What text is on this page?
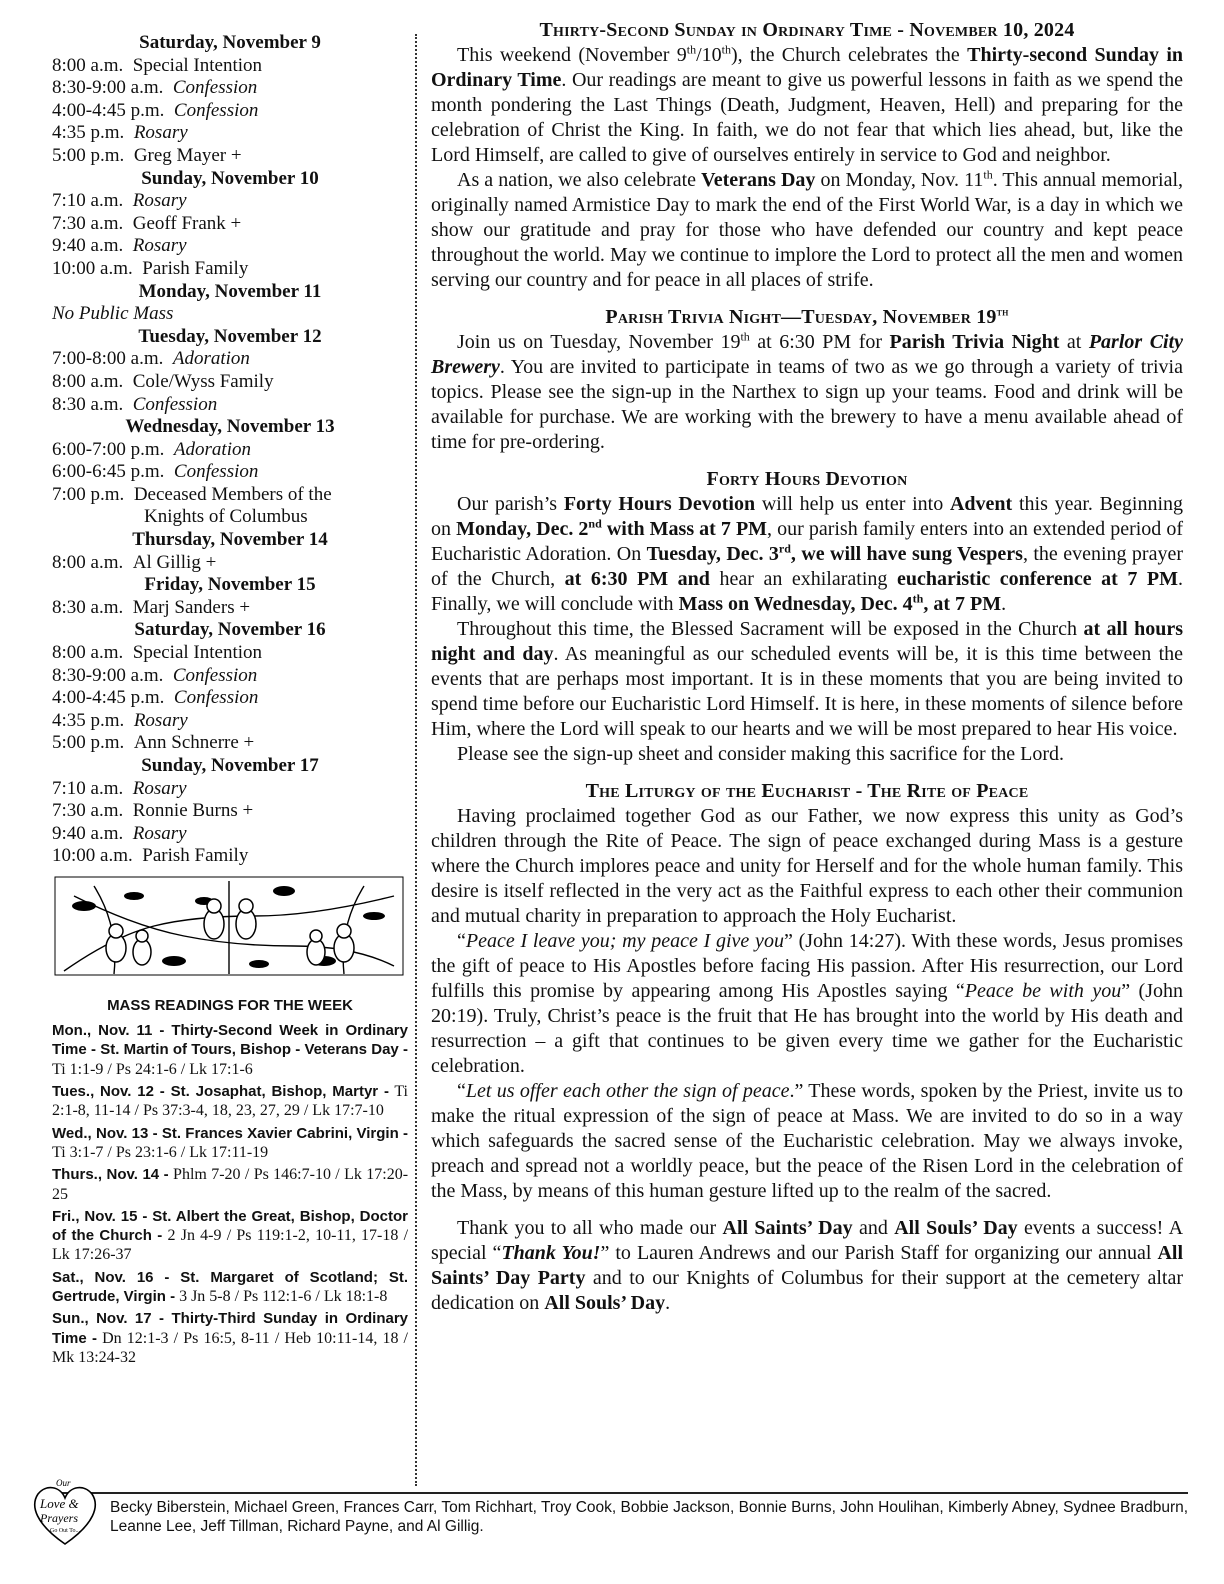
Saturday, November 9
8:00 a.m. Special Intention
8:30-9:00 a.m. Confession
4:00-4:45 p.m. Confession
4:35 p.m. Rosary
5:00 p.m. Greg Mayer +
Sunday, November 10
7:10 a.m. Rosary
7:30 a.m. Geoff Frank +
9:40 a.m. Rosary
10:00 a.m. Parish Family
Monday, November 11
No Public Mass
Tuesday, November 12
7:00-8:00 a.m. Adoration
8:00 a.m. Cole/Wyss Family
8:30 a.m. Confession
Wednesday, November 13
6:00-7:00 p.m. Adoration
6:00-6:45 p.m. Confession
7:00 p.m. Deceased Members of the
Knights of Columbus
Thursday, November 14
8:00 a.m. Al Gillig +
Friday, November 15
8:30 a.m. Marj Sanders +
Saturday, November 16
8:00 a.m. Special Intention
8:30-9:00 a.m. Confession
4:00-4:45 p.m. Confession
4:35 p.m. Rosary
5:00 p.m. Ann Schnerre +
Sunday, November 17
7:10 a.m. Rosary
7:30 a.m. Ronnie Burns +
9:40 a.m. Rosary
10:00 a.m. Parish Family
MASS READINGS FOR THE WEEK
Mon., Nov. 11 - Thirty-Second Week in Ordinary Time - St. Martin of Tours, Bishop - Veterans Day - Ti 1:1-9 / Ps 24:1-6 / Lk 17:1-6
Tues., Nov. 12 - St. Josaphat, Bishop, Martyr - Ti 2:1-8, 11-14 / Ps 37:3-4, 18, 23, 27, 29 / Lk 17:7-10
Wed., Nov. 13 - St. Frances Xavier Cabrini, Virgin - Ti 3:1-7 / Ps 23:1-6 / Lk 17:11-19
Thurs., Nov. 14 - Phlm 7-20 / Ps 146:7-10 / Lk 17:20-25
Fri., Nov. 15 - St. Albert the Great, Bishop, Doctor of the Church - 2 Jn 4-9 / Ps 119:1-2, 10-11, 17-18 / Lk 17:26-37
Sat., Nov. 16 - St. Margaret of Scotland; St. Gertrude, Virgin - 3 Jn 5-8 / Ps 112:1-6 / Lk 18:1-8
Sun., Nov. 17 - Thirty-Third Sunday in Ordinary Time - Dn 12:1-3 / Ps 16:5, 8-11 / Heb 10:11-14, 18 / Mk 13:24-32
Thirty-Second Sunday in Ordinary Time - November 10, 2024

This weekend (November 9th/10th), the Church celebrates the Thirty-second Sunday in Ordinary Time. Our readings are meant to give us powerful lessons in faith as we spend the month pondering the Last Things (Death, Judgment, Heaven, Hell) and preparing for the celebration of Christ the King. In faith, we do not fear that which lies ahead, but, like the Lord Himself, are called to give of ourselves entirely in service to God and neighbor.

As a nation, we also celebrate Veterans Day on Monday, Nov. 11th. This annual memorial, originally named Armistice Day to mark the end of the First World War, is a day in which we show our gratitude and pray for those who have defended our country and kept peace throughout the world. May we continue to implore the Lord to protect all the men and women serving our country and for peace in all places of strife.

Parish Trivia Night—Tuesday, November 19th

Join us on Tuesday, November 19th at 6:30 PM for Parish Trivia Night at Parlor City Brewery. You are invited to participate in teams of two as we go through a variety of trivia topics. Please see the sign-up in the Narthex to sign up your teams. Food and drink will be available for purchase. We are working with the brewery to have a menu available ahead of time for pre-ordering.

Forty Hours Devotion

Our parish’s Forty Hours Devotion will help us enter into Advent this year. Beginning on Monday, Dec. 2nd with Mass at 7 PM, our parish family enters into an extended period of Eucharistic Adoration. On Tuesday, Dec. 3rd, we will have sung Vespers, the evening prayer of the Church, at 6:30 PM and hear an exhilarating eucharistic conference at 7 PM. Finally, we will conclude with Mass on Wednesday, Dec. 4th, at 7 PM.

Throughout this time, the Blessed Sacrament will be exposed in the Church at all hours night and day. As meaningful as our scheduled events will be, it is this time between the events that are perhaps most important. It is in these moments that you are being invited to spend time before our Eucharistic Lord Himself. It is here, in these moments of silence before Him, where the Lord will speak to our hearts and we will be most prepared to hear His voice.

Please see the sign-up sheet and consider making this sacrifice for the Lord.

The Liturgy of the Eucharist - The Rite of Peace

Having proclaimed together God as our Father, we now express this unity as God’s children through the Rite of Peace. The sign of peace exchanged during Mass is a gesture where the Church implores peace and unity for Herself and for the whole human family. This desire is itself reflected in the very act as the Faithful express to each other their communion and mutual charity in preparation to approach the Holy Eucharist.

“Peace I leave you; my peace I give you” (John 14:27). With these words, Jesus promises the gift of peace to His Apostles before facing His passion. After His resurrection, our Lord fulfills this promise by appearing among His Apostles saying “Peace be with you” (John 20:19). Truly, Christ’s peace is the fruit that He has brought into the world by His death and resurrection – a gift that continues to be given every time we gather for the Eucharistic celebration.

“Let us offer each other the sign of peace.” These words, spoken by the Priest, invite us to make the ritual expression of the sign of peace at Mass. We are invited to do so in a way which safeguards the sacred sense of the Eucharistic celebration. May we always invoke, preach and spread not a worldly peace, but the peace of the Risen Lord in the celebration of the Mass, by means of this human gesture lifted up to the realm of the sacred.

Thank you to all who made our All Saints’ Day and All Souls’ Day events a success! A special “Thank You!” to Lauren Andrews and our Parish Staff for organizing our annual All Saints’ Day Party and to our Knights of Columbus for their support at the cemetery altar dedication on All Souls’ Day.

Our
Love &
Prayers
Go Out To...
Becky Biberstein, Michael Green, Frances Carr, Tom Richhart, Troy Cook, Bobbie Jackson, Bonnie Burns, John Houlihan, Kimberly Abney, Sydnee Bradburn, Leanne Lee, Jeff Tillman, Richard Payne, and Al Gillig.
